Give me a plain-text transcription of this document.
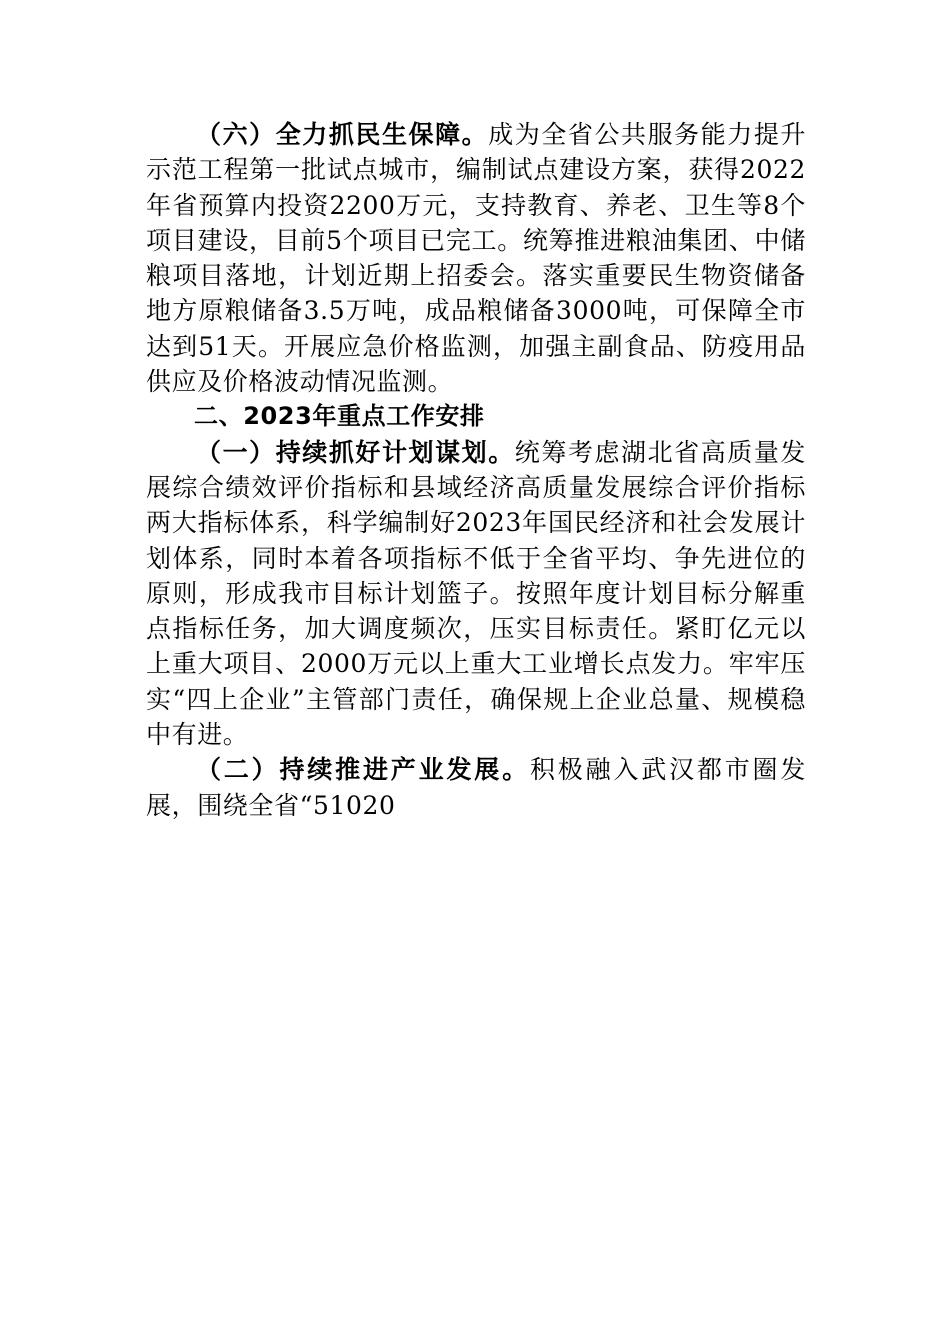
（六）全力抓民生保障。成为全省公共服务能力提升示范工程第一批试点城市，编制试点建设方案，获得2022年省预算内投资2200万元，支持教育、养老、卫生等8个项目建设，目前5个项目已完工。统筹推进粮油集团、中储粮项目落地，计划近期上招委会。落实重要民生物资储备地方原粮储备3.5万吨，成品粮储备3000吨，可保障全市达到51天。开展应急价格监测，加强主副食品、防疫用品供应及价格波动情况监测。

二、2023年重点工作安排

（一）持续抓好计划谋划。统筹考虑湖北省高质量发展综合绩效评价指标和县域经济高质量发展综合评价指标两大指标体系，科学编制好2023年国民经济和社会发展计划体系，同时本着各项指标不低于全省平均、争先进位的原则，形成我市目标计划篮子。按照年度计划目标分解重点指标任务，加大调度频次，压实目标责任。紧盯亿元以上重大项目、2000万元以上重大工业增长点发力。牢牢压实“四上企业”主管部门责任，确保规上企业总量、规模稳中有进。

（二）持续推进产业发展。积极融入武汉都市圈发展，围绕全省“51020
